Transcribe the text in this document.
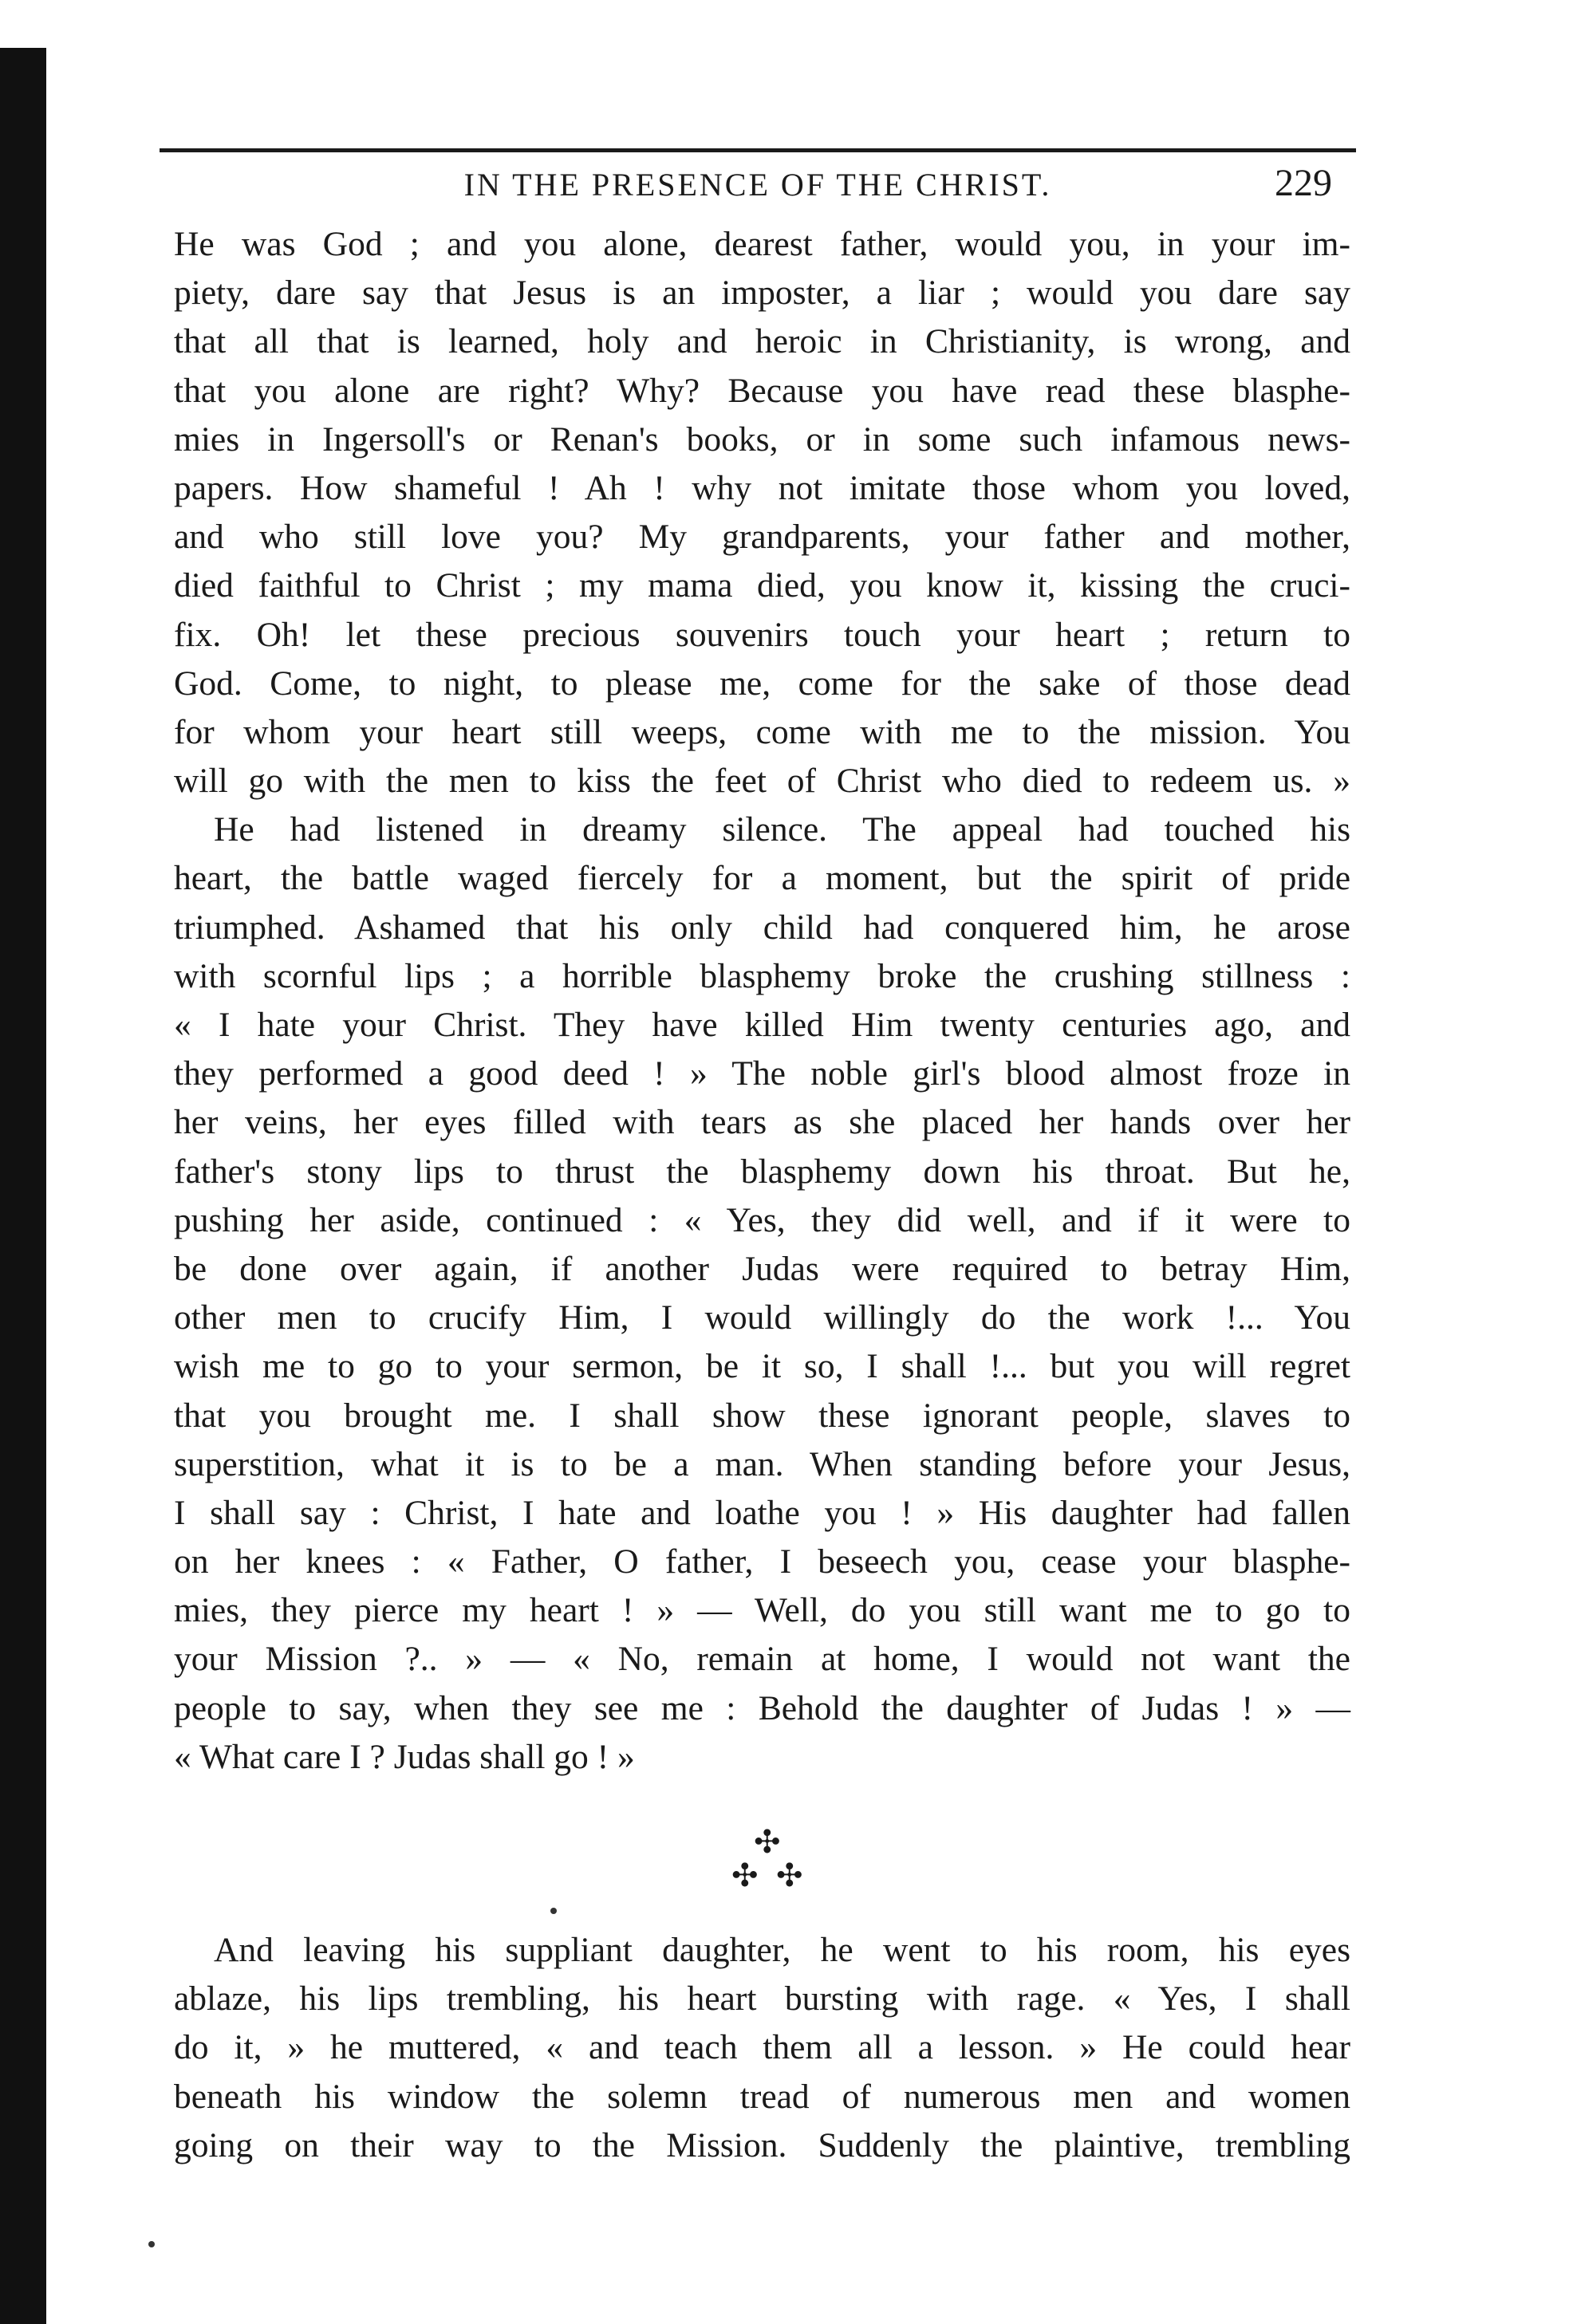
IN THE PRESENCE OF THE CHRIST.	229
He was God ; and you alone, dearest father, would you, in your im-
piety, dare say that Jesus is an imposter, a liar ; would you dare say
that all that is learned, holy and heroic in Christianity, is wrong, and
that you alone are right? Why? Because you have read these blasphe-
mies in Ingersoll's or Renan's books, or in some such infamous news-
papers. How shameful ! Ah ! why not imitate those whom you loved,
and who still love you? My grandparents, your father and mother,
died faithful to Christ ; my mama died, you know it, kissing the cruci-
fix. Oh! let these precious souvenirs touch your heart ; return to
God. Come, to night, to please me, come for the sake of those dead
for whom your heart still weeps, come with me to the mission. You
will go with the men to kiss the feet of Christ who died to redeem us. »
He had listened in dreamy silence. The appeal had touched his
heart, the battle waged fiercely for a moment, but the spirit of pride
triumphed. Ashamed that his only child had conquered him, he arose
with scornful lips ; a horrible blasphemy broke the crushing stillness :
« I hate your Christ. They have killed Him twenty centuries ago, and
they performed a good deed ! » The noble girl's blood almost froze in
her veins, her eyes filled with tears as she placed her hands over her
father's stony lips to thrust the blasphemy down his throat. But he,
pushing her aside, continued : « Yes, they did well, and if it were to
be done over again, if another Judas were required to betray Him,
other men to crucify Him, I would willingly do the work !... You
wish me to go to your sermon, be it so, I shall !... but you will regret
that you brought me. I shall show these ignorant people, slaves to
superstition, what it is to be a man. When standing before your Jesus,
I shall say : Christ, I hate and loathe you ! » His daughter had fallen
on her knees : « Father, O father, I beseech you, cease your blasphe-
mies, they pierce my heart ! » — Well, do you still want me to go to
your Mission ?.. » — « No, remain at home, I would not want the
people to say, when they see me : Behold the daughter of Judas ! » —
« What care I ? Judas shall go ! »
✣
✣ ✣
And leaving his suppliant daughter, he went to his room, his eyes
ablaze, his lips trembling, his heart bursting with rage. « Yes, I shall
do it, » he muttered, « and teach them all a lesson. » He could hear
beneath his window the solemn tread of numerous men and women
going on their way to the Mission. Suddenly the plaintive, trembling
